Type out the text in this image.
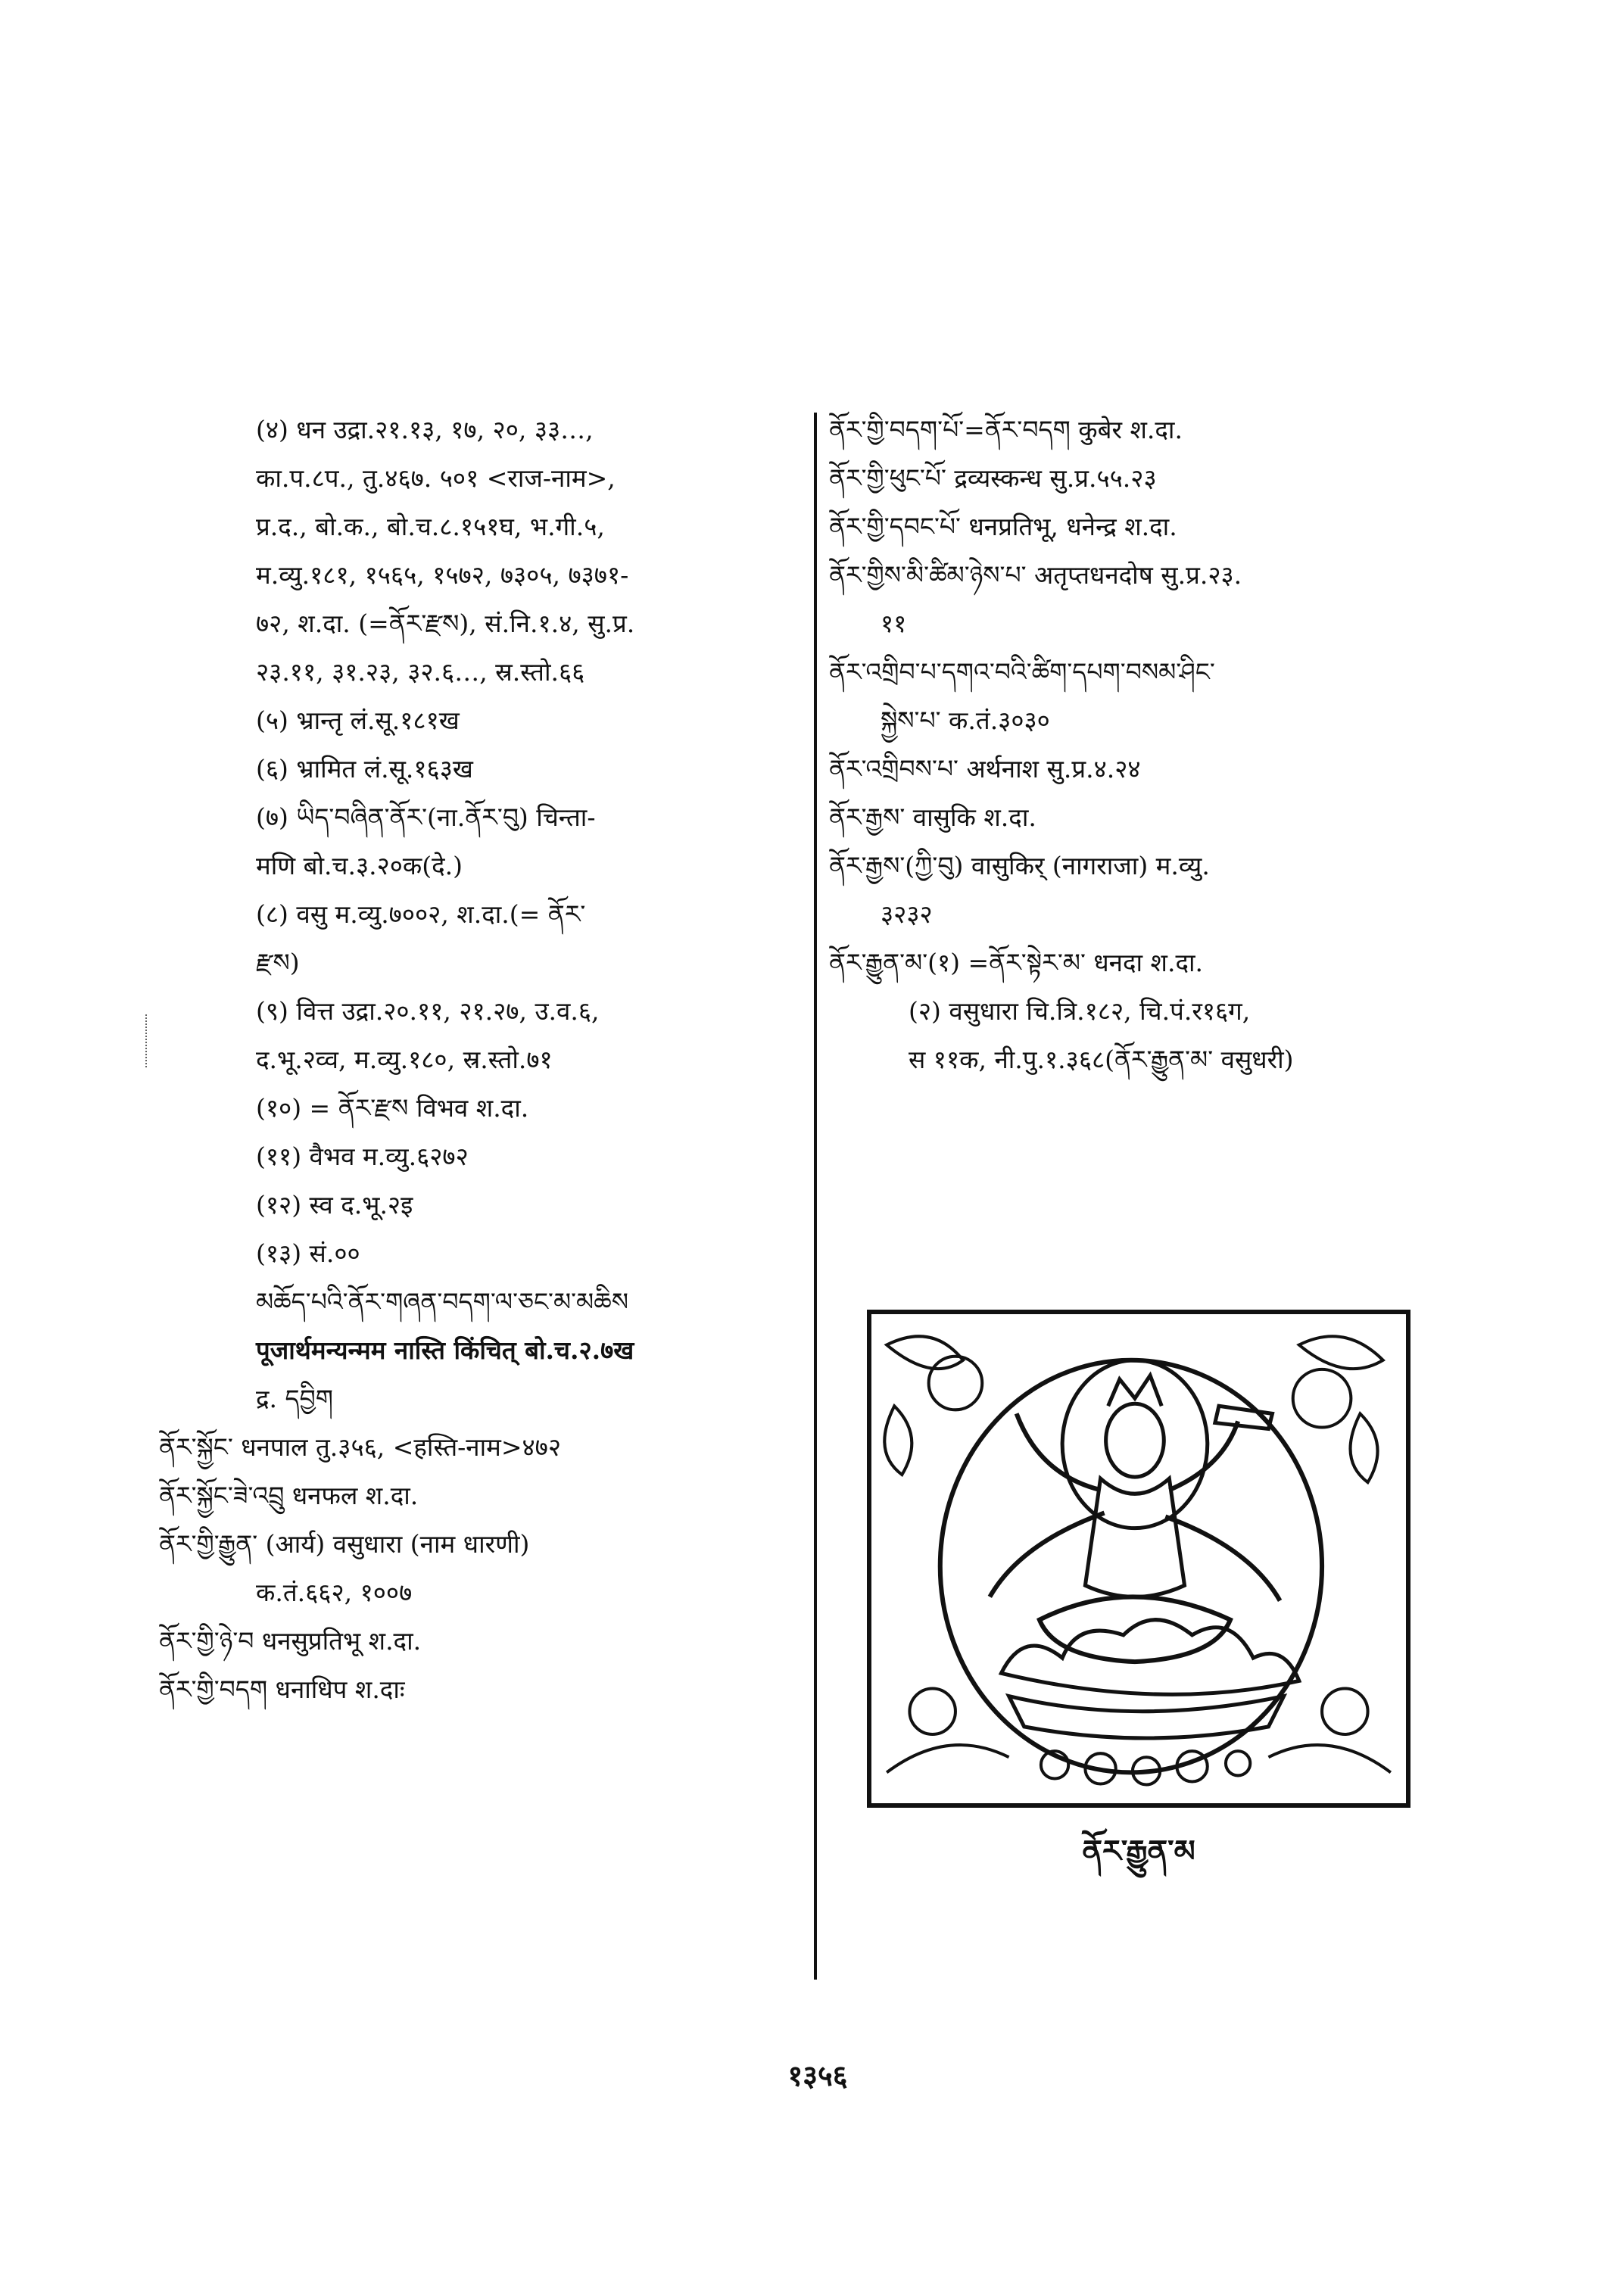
(४) धन उद्रा.२१.१३, १७, २०, ३३…,
का.प.८प., तु.४६७. ५०१ <राज-नाम>,
प्र.द., बो.क., बो.च.८.१५१घ, भ.गी.५,
म.व्यु.१८१, १५६५, १५७२, ७३०५, ७३७१-
७२, श.दा. (=ནོར་རྫས), सं.नि.१.४, सु.प्र.
२३.११, ३१.२३, ३२.६…, स्र.स्तो.६६
(५) भ्रान्तृ लं.सू.१८१ख
(६) भ्रामित लं.सू.१६३ख
(७) ཡིད་བཞིན་ནོར་(ना.ནོར་བུ) चिन्ता-
मणि बो.च.३.२०क(दे.)
(८) वसु म.व्यु.७००२, श.दा.(= ནོར་
རྫས)
(९) वित्त उद्रा.२०.११, २१.२७, उ.व.६,
द.भू.२व्व, म.व्यु.१८०, स्र.स्तो.७१
(१०) = ནོར་རྫས विभव श.दा.
(११) वैभव म.व्यु.६२७२
(१२) स्व द.भू.२इ
(१३) सं.००
མཆོད་པའི་ནོར་གཞན་བདག་ལ་ཅང་མ་མཆིས
पूजार्थमन्यन्मम नास्ति किंचित् बो.च.२.७ख
द्र. དབྱིག
ནོར་སྐྱོང་ धनपाल तु.३५६, <हस्ति-नाम>४७२
ནོར་སྐྱོང་ཟེ་འབྲུ धनफल श.दा.
ནོར་གྱི་རྒྱུན་ (आर्य) वसुधारा (नाम धारणी)
क.तं.६६२, १००७
ནོར་གྱི་ཉེ་བ धनसुप्रतिभू श.दा.
ནོར་གྱི་བདག धनाधिप श.दाः
ནོར་གྱི་བདག་པོ་=ནོར་བདག कुबेर श.दा.
ནོར་གྱི་ཕུང་པོ་ द्रव्यस्कन्ध सु.प्र.५५.२३
ནོར་གྱི་དབང་པོ་ धनप्रतिभू, धनेन्द्र श.दा.
ནོར་གྱིས་མི་ཚིམ་ཉེས་པ་ अतृप्तधनदोष सु.प्र.२३.
११
ནོར་འགྲིབ་པ་དགའ་བའི་ཚིག་དཔག་བསམ་ཤིང་
སྐྱེས་པ་ क.तं.३०३०
ནོར་འགྲིབས་པ་ अर्थनाश सु.प्र.४.२४
ནོར་རྒྱས་ वासुकि श.दा.
ནོར་རྒྱས་(ཀྱི་བུ) वासुकिर् (नागराजा) म.व्यु.
३२३२
ནོར་རྒྱུན་མ་(१) =ནོར་སྟེར་མ་ धनदा श.दा.
(२) वसुधारा चि.त्रि.१८२, चि.पं.र१६ग,
स ११क, नी.पु.१.३६८(ནོར་རྒྱུན་མ་ वसुधरी)
ནོར་རྒྱུན་མ
१३५६
